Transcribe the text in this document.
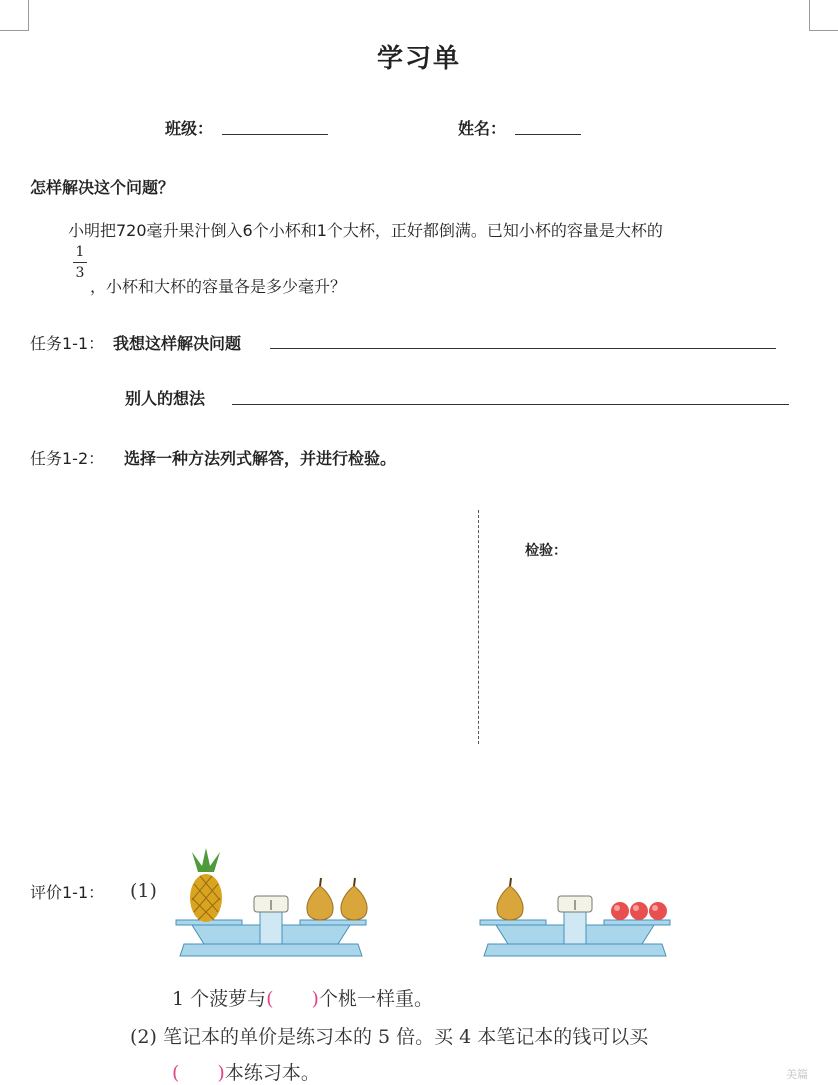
学习单
班级：	姓名：
怎样解决这个问题？
小明把720毫升果汁倒入6个小杯和1个大杯，正好都倒满。已知小杯的容量是大杯的
1
3
，小杯和大杯的容量各是多少毫升？
任务1-1： 我想这样解决问题
别人的想法
任务1-2： 选择一种方法列式解答，并进行检验。
检验：
评价1-1： (1)
1 个菠萝与(　　)个桃一样重。
(2) 笔记本的单价是练习本的 5 倍。买 4 本笔记本的钱可以买
(　　)本练习本。	美篇
